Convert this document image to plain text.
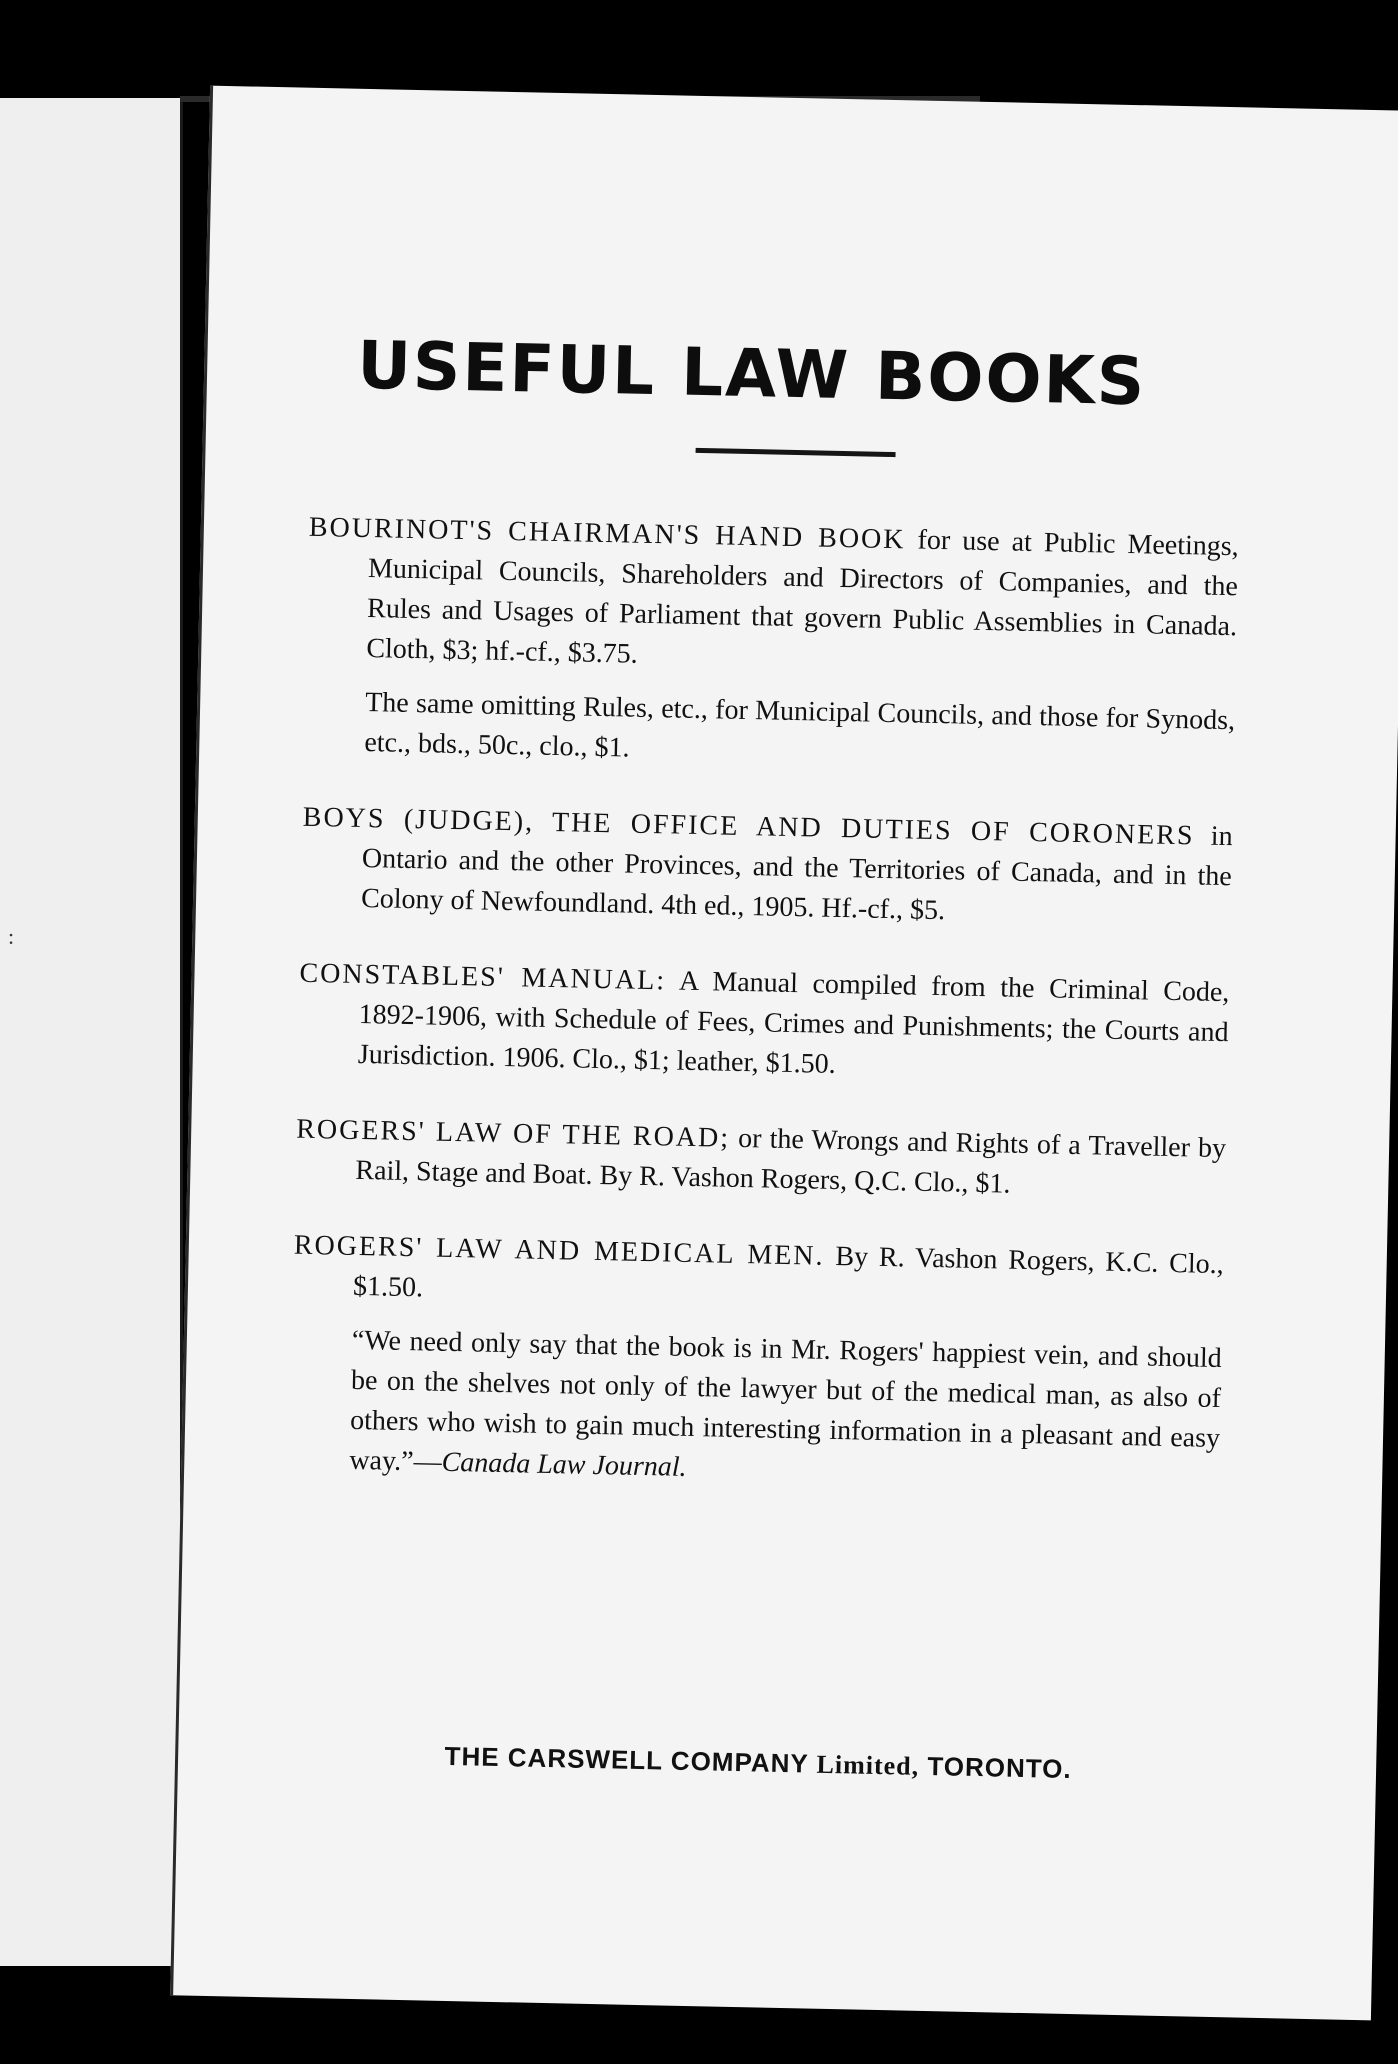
:
USEFUL LAW BOOKS

BOURINOT'S CHAIRMAN'S HAND BOOK for use at Public Meetings, Municipal Councils, Shareholders and Directors of Companies, and the Rules and Usages of Parliament that govern Public Assemblies in Canada. Cloth, $3; hf.-cf., $3.75.

The same omitting Rules, etc., for Municipal Councils, and those for Synods, etc., bds., 50c., clo., $1.

BOYS (JUDGE), THE OFFICE AND DUTIES OF CORONERS in Ontario and the other Provinces, and the Territories of Canada, and in the Colony of Newfoundland. 4th ed., 1905. Hf.-cf., $5.

CONSTABLES' MANUAL: A Manual compiled from the Criminal Code, 1892-1906, with Schedule of Fees, Crimes and Punishments; the Courts and Jurisdiction. 1906. Clo., $1; leather, $1.50.

ROGERS' LAW OF THE ROAD; or the Wrongs and Rights of a Traveller by Rail, Stage and Boat. By R. Vashon Rogers, Q.C. Clo., $1.

ROGERS' LAW AND MEDICAL MEN. By R. Vashon Rogers, K.C. Clo., $1.50.

“We need only say that the book is in Mr. Rogers' happiest vein, and should be on the shelves not only of the lawyer but of the medical man, as also of others who wish to gain much interesting information in a pleasant and easy way.”—Canada Law Journal.

THE CARSWELL COMPANY Limited, TORONTO.
